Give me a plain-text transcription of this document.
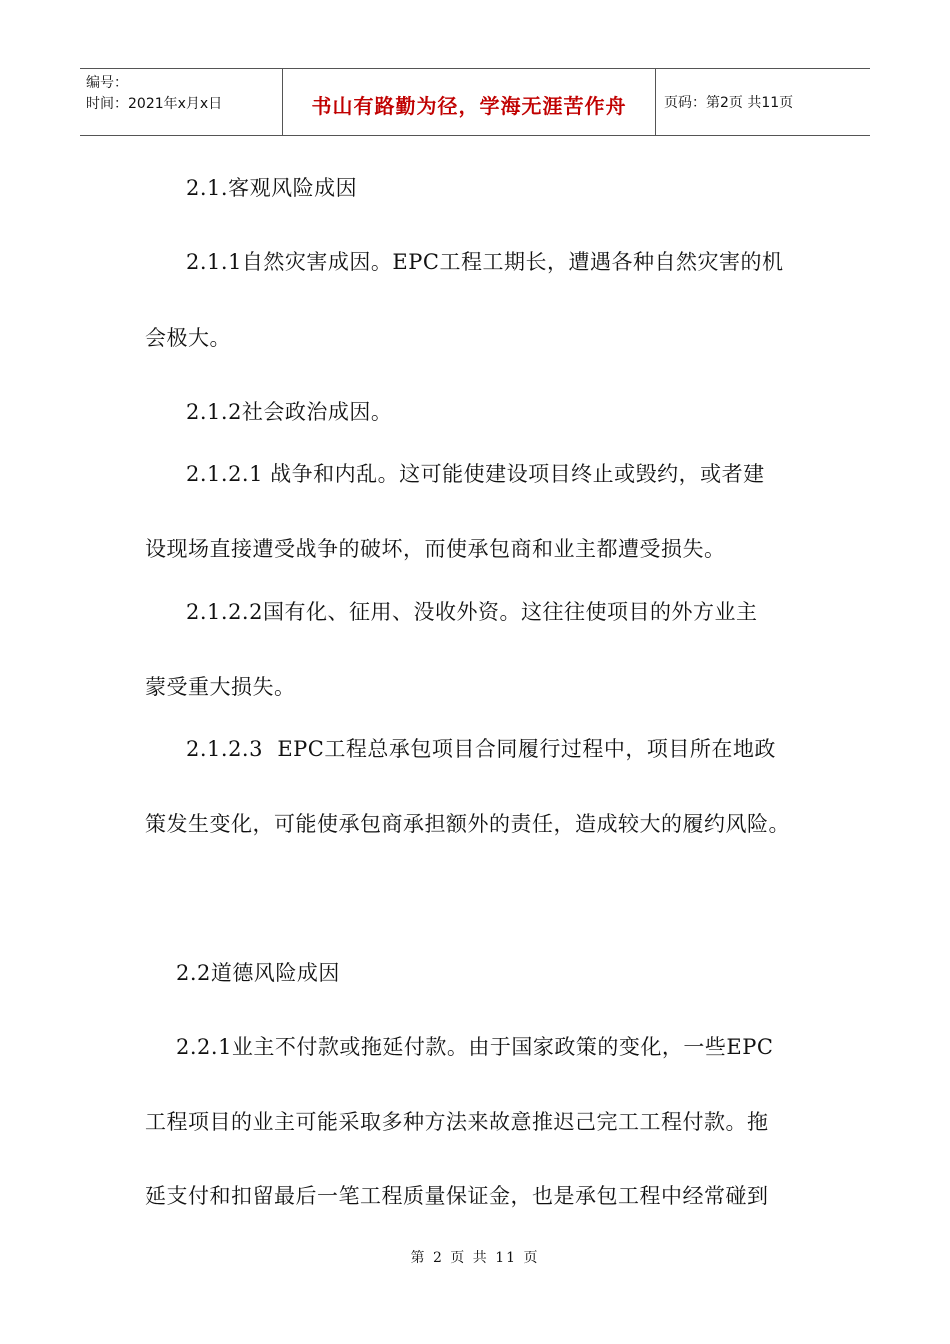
编号：
时间：2021年x月x日	书山有路勤为径，学海无涯苦作舟	页码：第2页 共11页
2.1.客观风险成因
2.1.1自然灾害成因。EPC工程工期长，遭遇各种自然灾害的机
会极大。
2.1.2社会政治成因。
2.1.2.1 战争和内乱。这可能使建设项目终止或毁约，或者建
设现场直接遭受战争的破坏，而使承包商和业主都遭受损失。
2.1.2.2国有化、征用、没收外资。这往往使项目的外方业主
蒙受重大损失。
2.1.2.3  EPC工程总承包项目合同履行过程中，项目所在地政
策发生变化，可能使承包商承担额外的责任，造成较大的履约风险。
2.2道德风险成因
2.2.1业主不付款或拖延付款。由于国家政策的变化，一些EPC
工程项目的业主可能采取多种方法来故意推迟己完工工程付款。拖
延支付和扣留最后一笔工程质量保证金，也是承包工程中经常碰到
第 2 页 共 11 页
